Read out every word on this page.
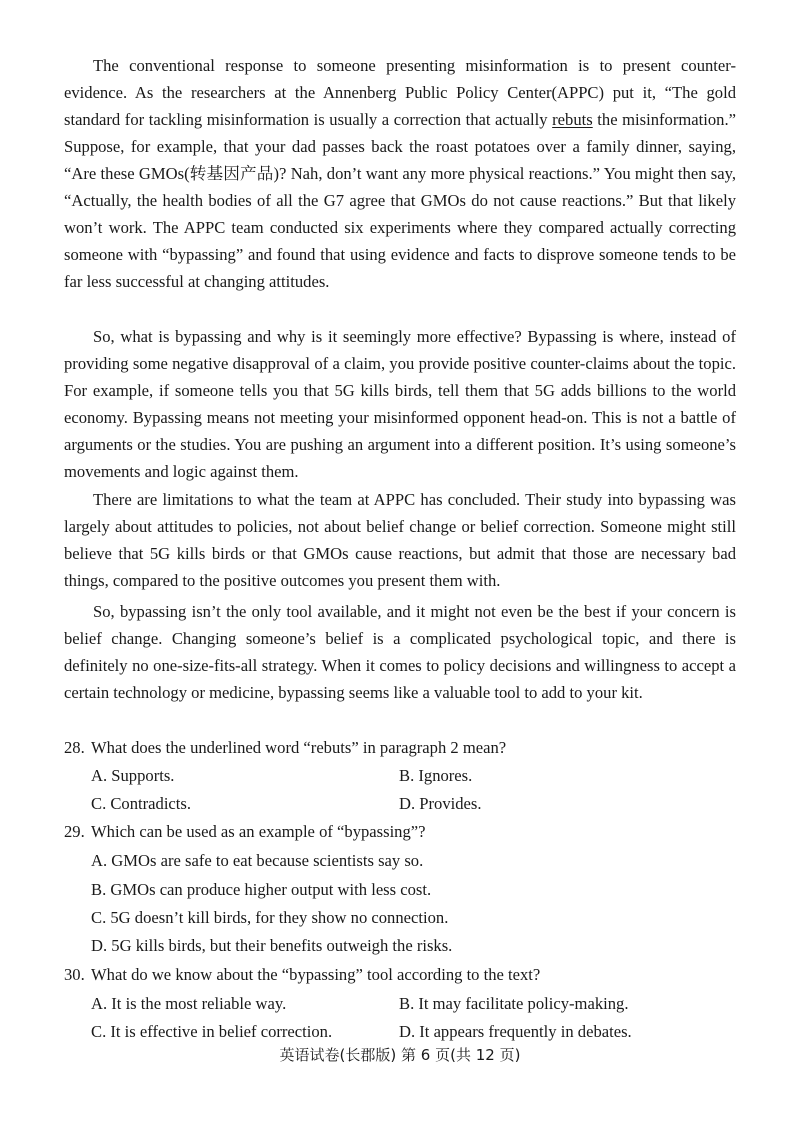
The conventional response to someone presenting misinformation is to present counter-evidence. As the researchers at the Annenberg Public Policy Center(APPC) put it, “The gold standard for tackling misinformation is usually a correction that actually rebuts the misinformation.” Suppose, for example, that your dad passes back the roast potatoes over a family dinner, saying, “Are these GMOs(转基因产品)? Nah, don’t want any more physical reactions.” You might then say, “Actually, the health bodies of all the G7 agree that GMOs do not cause reactions.” But that likely won’t work. The APPC team conducted six experiments where they compared actually correcting someone with “bypassing” and found that using evidence and facts to disprove someone tends to be far less successful at changing attitudes.

So, what is bypassing and why is it seemingly more effective? Bypassing is where, instead of providing some negative disapproval of a claim, you provide positive counter-claims about the topic. For example, if someone tells you that 5G kills birds, tell them that 5G adds billions to the world economy. Bypassing means not meeting your misinformed opponent head-on. This is not a battle of arguments or the studies. You are pushing an argument into a different position. It’s using someone’s movements and logic against them.

There are limitations to what the team at APPC has concluded. Their study into bypassing was largely about attitudes to policies, not about belief change or belief correction. Someone might still believe that 5G kills birds or that GMOs cause reactions, but admit that those are necessary bad things, compared to the positive outcomes you present them with.

So, bypassing isn’t the only tool available, and it might not even be the best if your concern is belief change. Changing someone’s belief is a complicated psychological topic, and there is definitely no one-size-fits-all strategy. When it comes to policy decisions and willingness to accept a certain technology or medicine, bypassing seems like a valuable tool to add to your kit.

28. What does the underlined word “rebuts” in paragraph 2 mean?

A. Supports.	B. Ignores.

C. Contradicts.	D. Provides.

29. Which can be used as an example of “bypassing”?

A. GMOs are safe to eat because scientists say so.

B. GMOs can produce higher output with less cost.

C. 5G doesn’t kill birds, for they show no connection.

D. 5G kills birds, but their benefits outweigh the risks.

30. What do we know about the “bypassing” tool according to the text?

A. It is the most reliable way.	B. It may facilitate policy-making.

C. It is effective in belief correction.	D. It appears frequently in debates.

英语试卷(长郡版) 第 6 页(共 12 页)
